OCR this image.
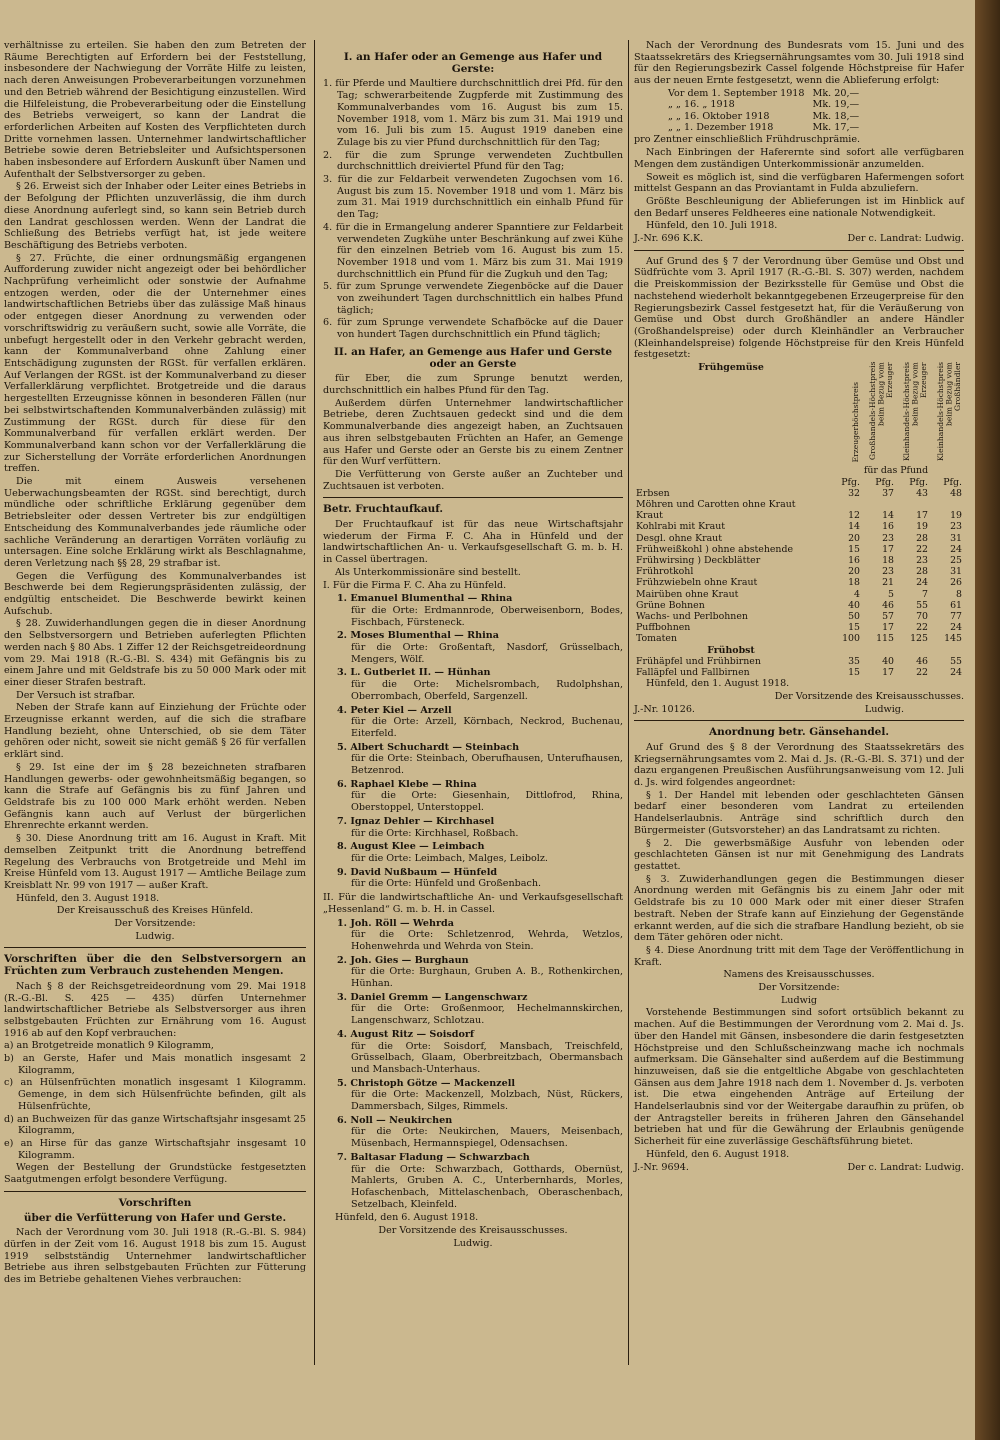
verhältnisse zu erteilen. Sie haben den zum Betreten der Räume Berechtigten auf Erfordern bei der Feststellung, insbesondere der Nachwiegung der Vorräte Hilfe zu leisten, nach deren Anweisungen Probeverarbeitungen vorzunehmen und den Betrieb während der Besichtigung einzustellen. Wird die Hilfeleistung, die Probeverarbeitung oder die Einstellung des Betriebs verweigert, so kann der Landrat die erforderlichen Arbeiten auf Kosten des Verpflichteten durch Dritte vornehmen lassen. Unternehmer landwirtschaftlicher Betriebe sowie deren Betriebsleiter und Aufsichtspersonen haben insbesondere auf Erfordern Auskunft über Namen und Aufenthalt der Selbstversorger zu geben.

§ 26. Erweist sich der Inhaber oder Leiter eines Betriebs in der Befolgung der Pflichten unzuverlässig, die ihm durch diese Anordnung auferlegt sind, so kann sein Betrieb durch den Landrat geschlossen werden. Wenn der Landrat die Schließung des Betriebs verfügt hat, ist jede weitere Beschäftigung des Betriebs verboten.

§ 27. Früchte, die einer ordnungsmäßig ergangenen Aufforderung zuwider nicht angezeigt oder bei behördlicher Nachprüfung verheimlicht oder sonstwie der Aufnahme entzogen werden, oder die der Unternehmer eines landwirtschaftlichen Betriebs über das zulässige Maß hinaus oder entgegen dieser Anordnung zu verwenden oder vorschriftswidrig zu veräußern sucht, sowie alle Vorräte, die unbefugt hergestellt oder in den Verkehr gebracht werden, kann der Kommunalverband ohne Zahlung einer Entschädigung zugunsten der RGSt. für verfallen erklären. Auf Verlangen der RGSt. ist der Kommunalverband zu dieser Verfallerklärung verpflichtet. Brotgetreide und die daraus hergestellten Erzeugnisse können in besonderen Fällen (nur bei selbstwirtschaftenden Kommunalverbänden zulässig) mit Zustimmung der RGSt. durch für diese für den Kommunalverband für verfallen erklärt werden. Der Kommunalverband kann schon vor der Verfallerklärung die zur Sicherstellung der Vorräte erforderlichen Anordnungen treffen.

Die mit einem Ausweis versehenen Ueberwachungsbeamten der RGSt. sind berechtigt, durch mündliche oder schriftliche Erklärung gegenüber dem Betriebsleiter oder dessen Vertreter bis zur endgültigen Entscheidung des Kommunalverbandes jede räumliche oder sachliche Veränderung an derartigen Vorräten vorläufig zu untersagen. Eine solche Erklärung wirkt als Beschlagnahme, deren Verletzung nach §§ 28, 29 strafbar ist.

Gegen die Verfügung des Kommunalverbandes ist Beschwerde bei dem Regierungspräsidenten zulässig, der endgültig entscheidet. Die Beschwerde bewirkt keinen Aufschub.

§ 28. Zuwiderhandlungen gegen die in dieser Anordnung den Selbstversorgern und Betrieben auferlegten Pflichten werden nach § 80 Abs. 1 Ziffer 12 der Reichsgetreideordnung vom 29. Mai 1918 (R.-G.-Bl. S. 434) mit Gefängnis bis zu einem Jahre und mit Geldstrafe bis zu 50 000 Mark oder mit einer dieser Strafen bestraft.

Der Versuch ist strafbar.

Neben der Strafe kann auf Einziehung der Früchte oder Erzeugnisse erkannt werden, auf die sich die strafbare Handlung bezieht, ohne Unterschied, ob sie dem Täter gehören oder nicht, soweit sie nicht gemäß § 26 für verfallen erklärt sind.

§ 29. Ist eine der im § 28 bezeichneten strafbaren Handlungen gewerbs- oder gewohnheitsmäßig begangen, so kann die Strafe auf Gefängnis bis zu fünf Jahren und Geldstrafe bis zu 100 000 Mark erhöht werden. Neben Gefängnis kann auch auf Verlust der bürgerlichen Ehrenrechte erkannt werden.

§ 30. Diese Anordnung tritt am 16. August in Kraft. Mit demselben Zeitpunkt tritt die Anordnung betreffend Regelung des Verbrauchs von Brotgetreide und Mehl im Kreise Hünfeld vom 13. August 1917 — Amtliche Beilage zum Kreisblatt Nr. 99 von 1917 — außer Kraft.

Hünfeld, den 3. August 1918.

Der Kreisausschuß des Kreises Hünfeld.

Der Vorsitzende:

Ludwig.

Vorschriften über die den Selbstversorgern an Früchten zum Verbrauch zustehenden Mengen.

Nach § 8 der Reichsgetreideordnung vom 29. Mai 1918 (R.-G.-Bl. S. 425 — 435) dürfen Unternehmer landwirtschaftlicher Betriebe als Selbstversorger aus ihren selbstgebauten Früchten zur Ernährung vom 16. August 1916 ab auf den Kopf verbrauchen:

a) an Brotgetreide monatlich 9 Kilogramm,
b) an Gerste, Hafer und Mais monatlich insgesamt 2 Kilogramm,
c) an Hülsenfrüchten monatlich insgesamt 1 Kilogramm. Gemenge, in dem sich Hülsenfrüchte befinden, gilt als Hülsenfrüchte,
d) an Buchweizen für das ganze Wirtschaftsjahr insgesamt 25 Kilogramm,
e) an Hirse für das ganze Wirtschaftsjahr insgesamt 10 Kilogramm.

Wegen der Bestellung der Grundstücke festgesetzten Saatgutmengen erfolgt besondere Verfügung.

Vorschriften

über die Verfütterung von Hafer und Gerste.

Nach der Verordnung vom 30. Juli 1918 (R.-G.-Bl. S. 984) dürfen in der Zeit vom 16. August 1918 bis zum 15. August 1919 selbstständig Unternehmer landwirtschaftlicher Betriebe aus ihren selbstgebauten Früchten zur Fütterung des im Betriebe gehaltenen Viehes verbrauchen:

I. an Hafer oder an Gemenge aus Hafer und Gerste:

1. für Pferde und Maultiere durchschnittlich drei Pfd. für den Tag; schwerarbeitende Zugpferde mit Zustimmung des Kommunalverbandes vom 16. August bis zum 15. November 1918, vom 1. März bis zum 31. Mai 1919 und vom 16. Juli bis zum 15. August 1919 daneben eine Zulage bis zu vier Pfund durchschnittlich für den Tag;
2. für die zum Sprunge verwendeten Zuchtbullen durchschnittlich dreiviertel Pfund für den Tag;
3. für die zur Feldarbeit verwendeten Zugochsen vom 16. August bis zum 15. November 1918 und vom 1. März bis zum 31. Mai 1919 durchschnittlich ein einhalb Pfund für den Tag;
4. für die in Ermangelung anderer Spanntiere zur Feldarbeit verwendeten Zugkühe unter Beschränkung auf zwei Kühe für den einzelnen Betrieb vom 16. August bis zum 15. November 1918 und vom 1. März bis zum 31. Mai 1919 durchschnittlich ein Pfund für die Zugkuh und den Tag;
5. für zum Sprunge verwendete Ziegenböcke auf die Dauer von zweihundert Tagen durchschnittlich ein halbes Pfund täglich;
6. für zum Sprunge verwendete Schafböcke auf die Dauer von hundert Tagen durchschnittlich ein Pfund täglich;

II. an Hafer, an Gemenge aus Hafer und Gerste oder an Gerste

für Eber, die zum Sprunge benutzt werden, durchschnittlich ein halbes Pfund für den Tag.

Außerdem dürfen Unternehmer landwirtschaftlicher Betriebe, deren Zuchtsauen gedeckt sind und die dem Kommunalverbande dies angezeigt haben, an Zuchtsauen aus ihren selbstgebauten Früchten an Hafer, an Gemenge aus Hafer und Gerste oder an Gerste bis zu einem Zentner für den Wurf verfüttern.

Die Verfütterung von Gerste außer an Zuchteber und Zuchtsauen ist verboten.

Betr. Fruchtaufkauf.

Der Fruchtaufkauf ist für das neue Wirtschaftsjahr wiederum der Firma F. C. Aha in Hünfeld und der landwirtschaftlichen An- u. Verkaufsgesellschaft G. m. b. H. in Cassel übertragen.

Als Unterkommissionäre sind bestellt.

I. Für die Firma F. C. Aha zu Hünfeld.

1. Emanuel Blumenthal — Rhina
für die Orte: Erdmannrode, Oberweisenborn, Bodes, Fischbach, Fürsteneck.
2. Moses Blumenthal — Rhina
für die Orte: Großentaft, Nasdorf, Grüsselbach, Mengers, Wölf.
3. L. Gutberlet II. — Hünhan
für die Orte: Michelsrombach, Rudolphshan, Oberrombach, Oberfeld, Sargenzell.
4. Peter Kiel — Arzell
für die Orte: Arzell, Körnbach, Neckrod, Buchenau, Eiterfeld.
5. Albert Schuchardt — Steinbach
für die Orte: Steinbach, Oberufhausen, Unterufhausen, Betzenrod.
6. Raphael Klebe — Rhina
für die Orte: Giesenhain, Dittlofrod, Rhina, Oberstoppel, Unterstoppel.
7. Ignaz Dehler — Kirchhasel
für die Orte: Kirchhasel, Roßbach.
8. August Klee — Leimbach
für die Orte: Leimbach, Malges, Leibolz.
9. David Nußbaum — Hünfeld
für die Orte: Hünfeld und Großenbach.

II. Für die landwirtschaftliche An- und Verkaufsgesellschaft „Hessenland“ G. m. b. H. in Cassel.

1. Joh. Röll — Wehrda
für die Orte: Schletzenrod, Wehrda, Wetzlos, Hohenwehrda und Wehrda von Stein.
2. Joh. Gies — Burghaun
für die Orte: Burghaun, Gruben A. B., Rothenkirchen, Hünhan.
3. Daniel Gremm — Langenschwarz
für die Orte: Großenmoor, Hechelmannskirchen, Langenschwarz, Schlotzau.
4. August Ritz — Soisdorf
für die Orte: Soisdorf, Mansbach, Treischfeld, Grüsselbach, Glaam, Oberbreitzbach, Obermansbach und Mansbach-Unterhaus.
5. Christoph Götze — Mackenzell
für die Orte: Mackenzell, Molzbach, Nüst, Rückers, Dammersbach, Silges, Rimmels.
6. Noll — Neukirchen
für die Orte: Neukirchen, Mauers, Meisenbach, Müsenbach, Hermannspiegel, Odensachsen.
7. Baltasar Fladung — Schwarzbach
für die Orte: Schwarzbach, Gotthards, Obernüst, Mahlerts, Gruben A. C., Unterbernhards, Morles, Hofaschenbach, Mittelaschenbach, Oberaschenbach, Setzelbach, Kleinfeld.

Hünfeld, den 6. August 1918.

Der Vorsitzende des Kreisausschusses.

Ludwig.

Nach der Verordnung des Bundesrats vom 15. Juni und des Staatssekretärs des Kriegsernährungsamtes vom 30. Juli 1918 sind für den Regierungsbezirk Cassel folgende Höchstpreise für Hafer aus der neuen Ernte festgesetzt, wenn die Ablieferung erfolgt:

Vor dem 1. September 1918	Mk. 20,—
„ „ 16. „ 1918	Mk. 19,—
„ „ 16. Oktober 1918	Mk. 18,—
„ „ 1. Dezember 1918	Mk. 17,—

pro Zentner einschließlich Frühdruschprämie.

Nach Einbringen der Haferernte sind sofort alle verfügbaren Mengen dem zuständigen Unterkommissionär anzumelden.

Soweit es möglich ist, sind die verfügbaren Hafermengen sofort mittelst Gespann an das Proviantamt in Fulda abzuliefern.

Größte Beschleunigung der Ablieferungen ist im Hinblick auf den Bedarf unseres Feldheeres eine nationale Notwendigkeit.

Hünfeld, den 10. Juli 1918.

J.-Nr. 696 K.K.	Der c. Landrat: Ludwig.

Auf Grund des § 7 der Verordnung über Gemüse und Obst und Südfrüchte vom 3. April 1917 (R.-G.-Bl. S. 307) werden, nachdem die Preiskommission der Bezirksstelle für Gemüse und Obst die nachstehend wiederholt bekanntgegebenen Erzeugerpreise für den Regierungsbezirk Cassel festgesetzt hat, für die Veräußerung von Gemüse und Obst durch Großhändler an andere Händler (Großhandelspreise) oder durch Kleinhändler an Verbraucher (Kleinhandelspreise) folgende Höchstpreise für den Kreis Hünfeld festgesetzt:

Frühgemüse	Erzeugerhöchstpreis	Großhandels-Höchstpreis beim Bezug vom Erzeuger	Kleinhandels-Höchstpreis beim Bezug vom Erzeuger	Kleinhandels-Höchstpreis beim Bezug vom Großhändler
	für das Pfund			
	Pfg.	Pfg.	Pfg.	Pfg.
Erbsen	32	37	43	48
Möhren und Carotten ohne Kraut				
Kraut	12	14	17	19
Kohlrabi mit Kraut	14	16	19	23
Desgl. ohne Kraut	20	23	28	31
Frühweißkohl ) ohne abstehende	15	17	22	24
Frühwirsing ) Deckblätter	16	18	23	25
Frührotkohl	20	23	28	31
Frühzwiebeln ohne Kraut	18	21	24	26
Mairüben ohne Kraut	4	5	7	8
Grüne Bohnen	40	46	55	61
Wachs- und Perlbohnen	50	57	70	77
Puffbohnen	15	17	22	24
Tomaten	100	115	125	145
Frühobst				
Frühäpfel und Frühbirnen	35	40	46	55
Falläpfel und Fallbirnen	15	17	22	24

Hünfeld, den 1. August 1918.

Der Vorsitzende des Kreisausschusses.

J.-Nr. 10126.	Ludwig.

Anordnung betr. Gänsehandel.

Auf Grund des § 8 der Verordnung des Staatssekretärs des Kriegsernährungsamtes vom 2. Mai d. Js. (R.-G.-Bl. S. 371) und der dazu ergangenen Preußischen Ausführungsanweisung vom 12. Juli d. Js. wird folgendes angeordnet:

§ 1. Der Handel mit lebenden oder geschlachteten Gänsen bedarf einer besonderen vom Landrat zu erteilenden Handelserlaubnis. Anträge sind schriftlich durch den Bürgermeister (Gutsvorsteher) an das Landratsamt zu richten.

§ 2. Die gewerbsmäßige Ausfuhr von lebenden oder geschlachteten Gänsen ist nur mit Genehmigung des Landrats gestattet.

§ 3. Zuwiderhandlungen gegen die Bestimmungen dieser Anordnung werden mit Gefängnis bis zu einem Jahr oder mit Geldstrafe bis zu 10 000 Mark oder mit einer dieser Strafen bestraft. Neben der Strafe kann auf Einziehung der Gegenstände erkannt werden, auf die sich die strafbare Handlung bezieht, ob sie dem Täter gehören oder nicht.

§ 4. Diese Anordnung tritt mit dem Tage der Veröffentlichung in Kraft.

Namens des Kreisausschusses.

Der Vorsitzende:

Ludwig

Vorstehende Bestimmungen sind sofort ortsüblich bekannt zu machen. Auf die Bestimmungen der Verordnung vom 2. Mai d. Js. über den Handel mit Gänsen, insbesondere die darin festgesetzten Höchstpreise und den Schlußscheinzwang mache ich nochmals aufmerksam. Die Gänsehalter sind außerdem auf die Bestimmung hinzuweisen, daß sie die entgeltliche Abgabe von geschlachteten Gänsen aus dem Jahre 1918 nach dem 1. November d. Js. verboten ist. Die etwa eingehenden Anträge auf Erteilung der Handelserlaubnis sind vor der Weitergabe daraufhin zu prüfen, ob der Antragsteller bereits in früheren Jahren den Gänsehandel betrieben hat und für die Gewährung der Erlaubnis genügende Sicherheit für eine zuverlässige Geschäftsführung bietet.

Hünfeld, den 6. August 1918.

J.-Nr. 9694.	Der c. Landrat: Ludwig.
